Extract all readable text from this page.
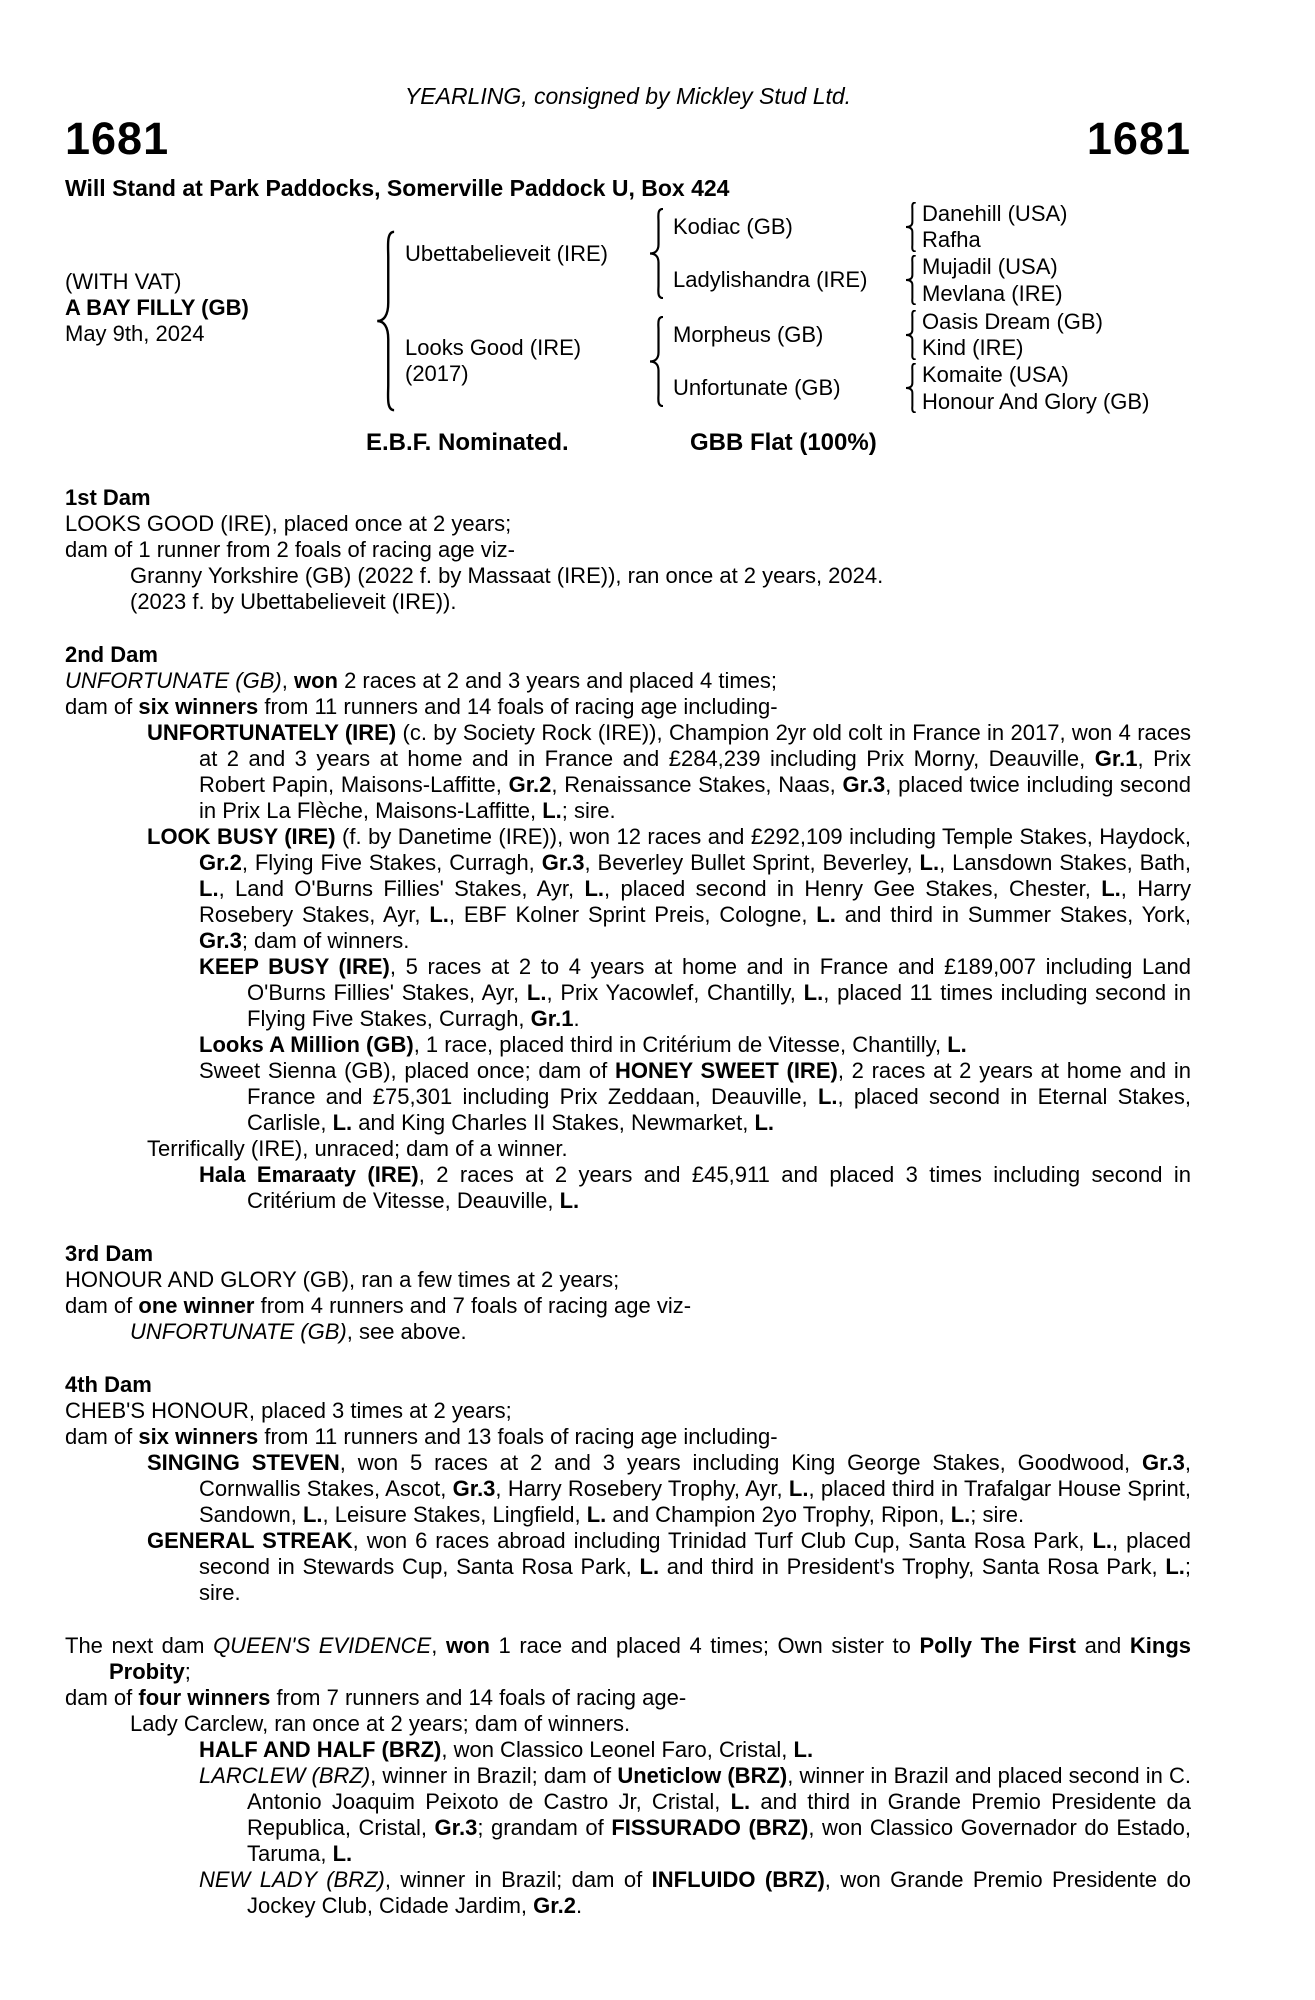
YEARLING, consigned by Mickley Stud Ltd.
1681	1681
Will Stand at Park Paddocks, Somerville Paddock U, Box 424
(WITH VAT)
A BAY FILLY (GB)
May 9th, 2024
Ubettabelieveit (IRE)
Looks Good (IRE)
(2017)
Kodiac (GB)
Ladylishandra (IRE)
Morpheus (GB)
Unfortunate (GB)
Danehill (USA)
Rafha
Mujadil (USA)
Mevlana (IRE)
Oasis Dream (GB)
Kind (IRE)
Komaite (USA)
Honour And Glory (GB)
E.B.F. Nominated.	GBB Flat (100%)
1st Dam
LOOKS GOOD (IRE), placed once at 2 years;
dam of 1 runner from 2 foals of racing age viz-
Granny Yorkshire (GB) (2022 f. by Massaat (IRE)), ran once at 2 years, 2024.
(2023 f. by Ubettabelieveit (IRE)).
2nd Dam
UNFORTUNATE (GB), won 2 races at 2 and 3 years and placed 4 times;
dam of six winners from 11 runners and 14 foals of racing age including-
UNFORTUNATELY (IRE) (c. by Society Rock (IRE)), Champion 2yr old colt in France in 2017, won 4 races at 2 and 3 years at home and in France and £284,239 including Prix Morny, Deauville, Gr.1, Prix Robert Papin, Maisons-Laffitte, Gr.2, Renaissance Stakes, Naas, Gr.3, placed twice including second in Prix La Flèche, Maisons-Laffitte, L.; sire.
LOOK BUSY (IRE) (f. by Danetime (IRE)), won 12 races and £292,109 including Temple Stakes, Haydock, Gr.2, Flying Five Stakes, Curragh, Gr.3, Beverley Bullet Sprint, Beverley, L., Lansdown Stakes, Bath, L., Land O'Burns Fillies' Stakes, Ayr, L., placed second in Henry Gee Stakes, Chester, L., Harry Rosebery Stakes, Ayr, L., EBF Kolner Sprint Preis, Cologne, L. and third in Summer Stakes, York, Gr.3; dam of winners.
KEEP BUSY (IRE), 5 races at 2 to 4 years at home and in France and £189,007 including Land O'Burns Fillies' Stakes, Ayr, L., Prix Yacowlef, Chantilly, L., placed 11 times including second in Flying Five Stakes, Curragh, Gr.1.
Looks A Million (GB), 1 race, placed third in Critérium de Vitesse, Chantilly, L.
Sweet Sienna (GB), placed once; dam of HONEY SWEET (IRE), 2 races at 2 years at home and in France and £75,301 including Prix Zeddaan, Deauville, L., placed second in Eternal Stakes, Carlisle, L. and King Charles II Stakes, Newmarket, L.
Terrifically (IRE), unraced; dam of a winner.
Hala Emaraaty (IRE), 2 races at 2 years and £45,911 and placed 3 times including second in Critérium de Vitesse, Deauville, L.
3rd Dam
HONOUR AND GLORY (GB), ran a few times at 2 years;
dam of one winner from 4 runners and 7 foals of racing age viz-
UNFORTUNATE (GB), see above.
4th Dam
CHEB'S HONOUR, placed 3 times at 2 years;
dam of six winners from 11 runners and 13 foals of racing age including-
SINGING STEVEN, won 5 races at 2 and 3 years including King George Stakes, Goodwood, Gr.3, Cornwallis Stakes, Ascot, Gr.3, Harry Rosebery Trophy, Ayr, L., placed third in Trafalgar House Sprint, Sandown, L., Leisure Stakes, Lingfield, L. and Champion 2yo Trophy, Ripon, L.; sire.
GENERAL STREAK, won 6 races abroad including Trinidad Turf Club Cup, Santa Rosa Park, L., placed second in Stewards Cup, Santa Rosa Park, L. and third in President's Trophy, Santa Rosa Park, L.; sire.
The next dam QUEEN'S EVIDENCE, won 1 race and placed 4 times; Own sister to Polly The First and Kings Probity;
dam of four winners from 7 runners and 14 foals of racing age-
Lady Carclew, ran once at 2 years; dam of winners.
HALF AND HALF (BRZ), won Classico Leonel Faro, Cristal, L.
LARCLEW (BRZ), winner in Brazil; dam of Uneticlow (BRZ), winner in Brazil and placed second in C. Antonio Joaquim Peixoto de Castro Jr, Cristal, L. and third in Grande Premio Presidente da Republica, Cristal, Gr.3; grandam of FISSURADO (BRZ), won Classico Governador do Estado, Taruma, L.
NEW LADY (BRZ), winner in Brazil; dam of INFLUIDO (BRZ), won Grande Premio Presidente do Jockey Club, Cidade Jardim, Gr.2.
